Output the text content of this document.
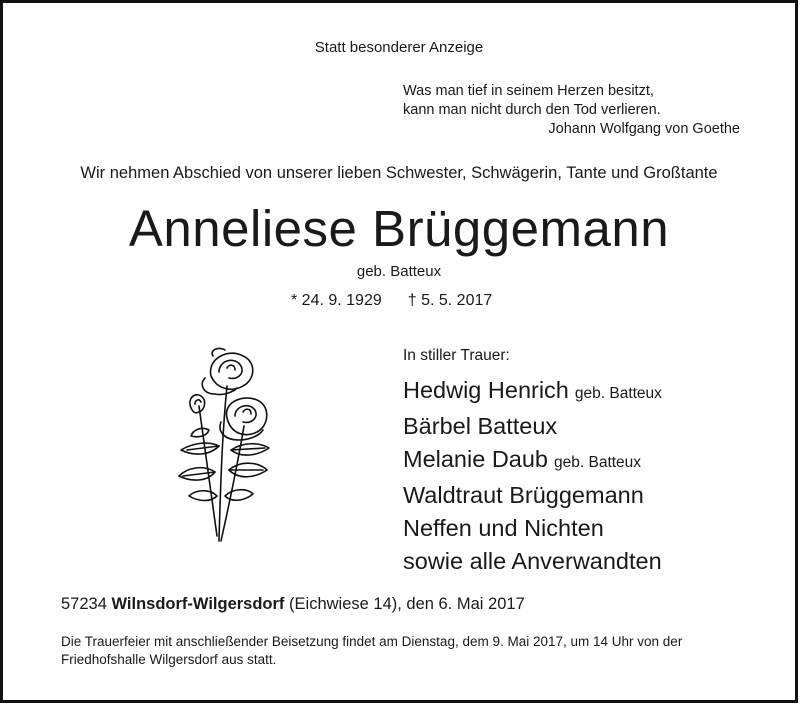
Statt besonderer Anzeige
Was man tief in seinem Herzen besitzt,
kann man nicht durch den Tod verlieren.
Johann Wolfgang von Goethe
Wir nehmen Abschied von unserer lieben Schwester, Schwägerin, Tante und Großtante
Anneliese Brüggemann
geb. Batteux
* 24. 9. 1929 † 5. 5. 2017
In stiller Trauer:
Hedwig Henrich geb. Batteux
Bärbel Batteux
Melanie Daub geb. Batteux
Waldtraut Brüggemann
Neffen und Nichten
sowie alle Anverwandten
57234 Wilnsdorf-Wilgersdorf (Eichwiese 14), den 6. Mai 2017
Die Trauerfeier mit anschließender Beisetzung findet am Dienstag, dem 9. Mai 2017, um 14 Uhr von der Friedhofshalle Wilgersdorf aus statt.
